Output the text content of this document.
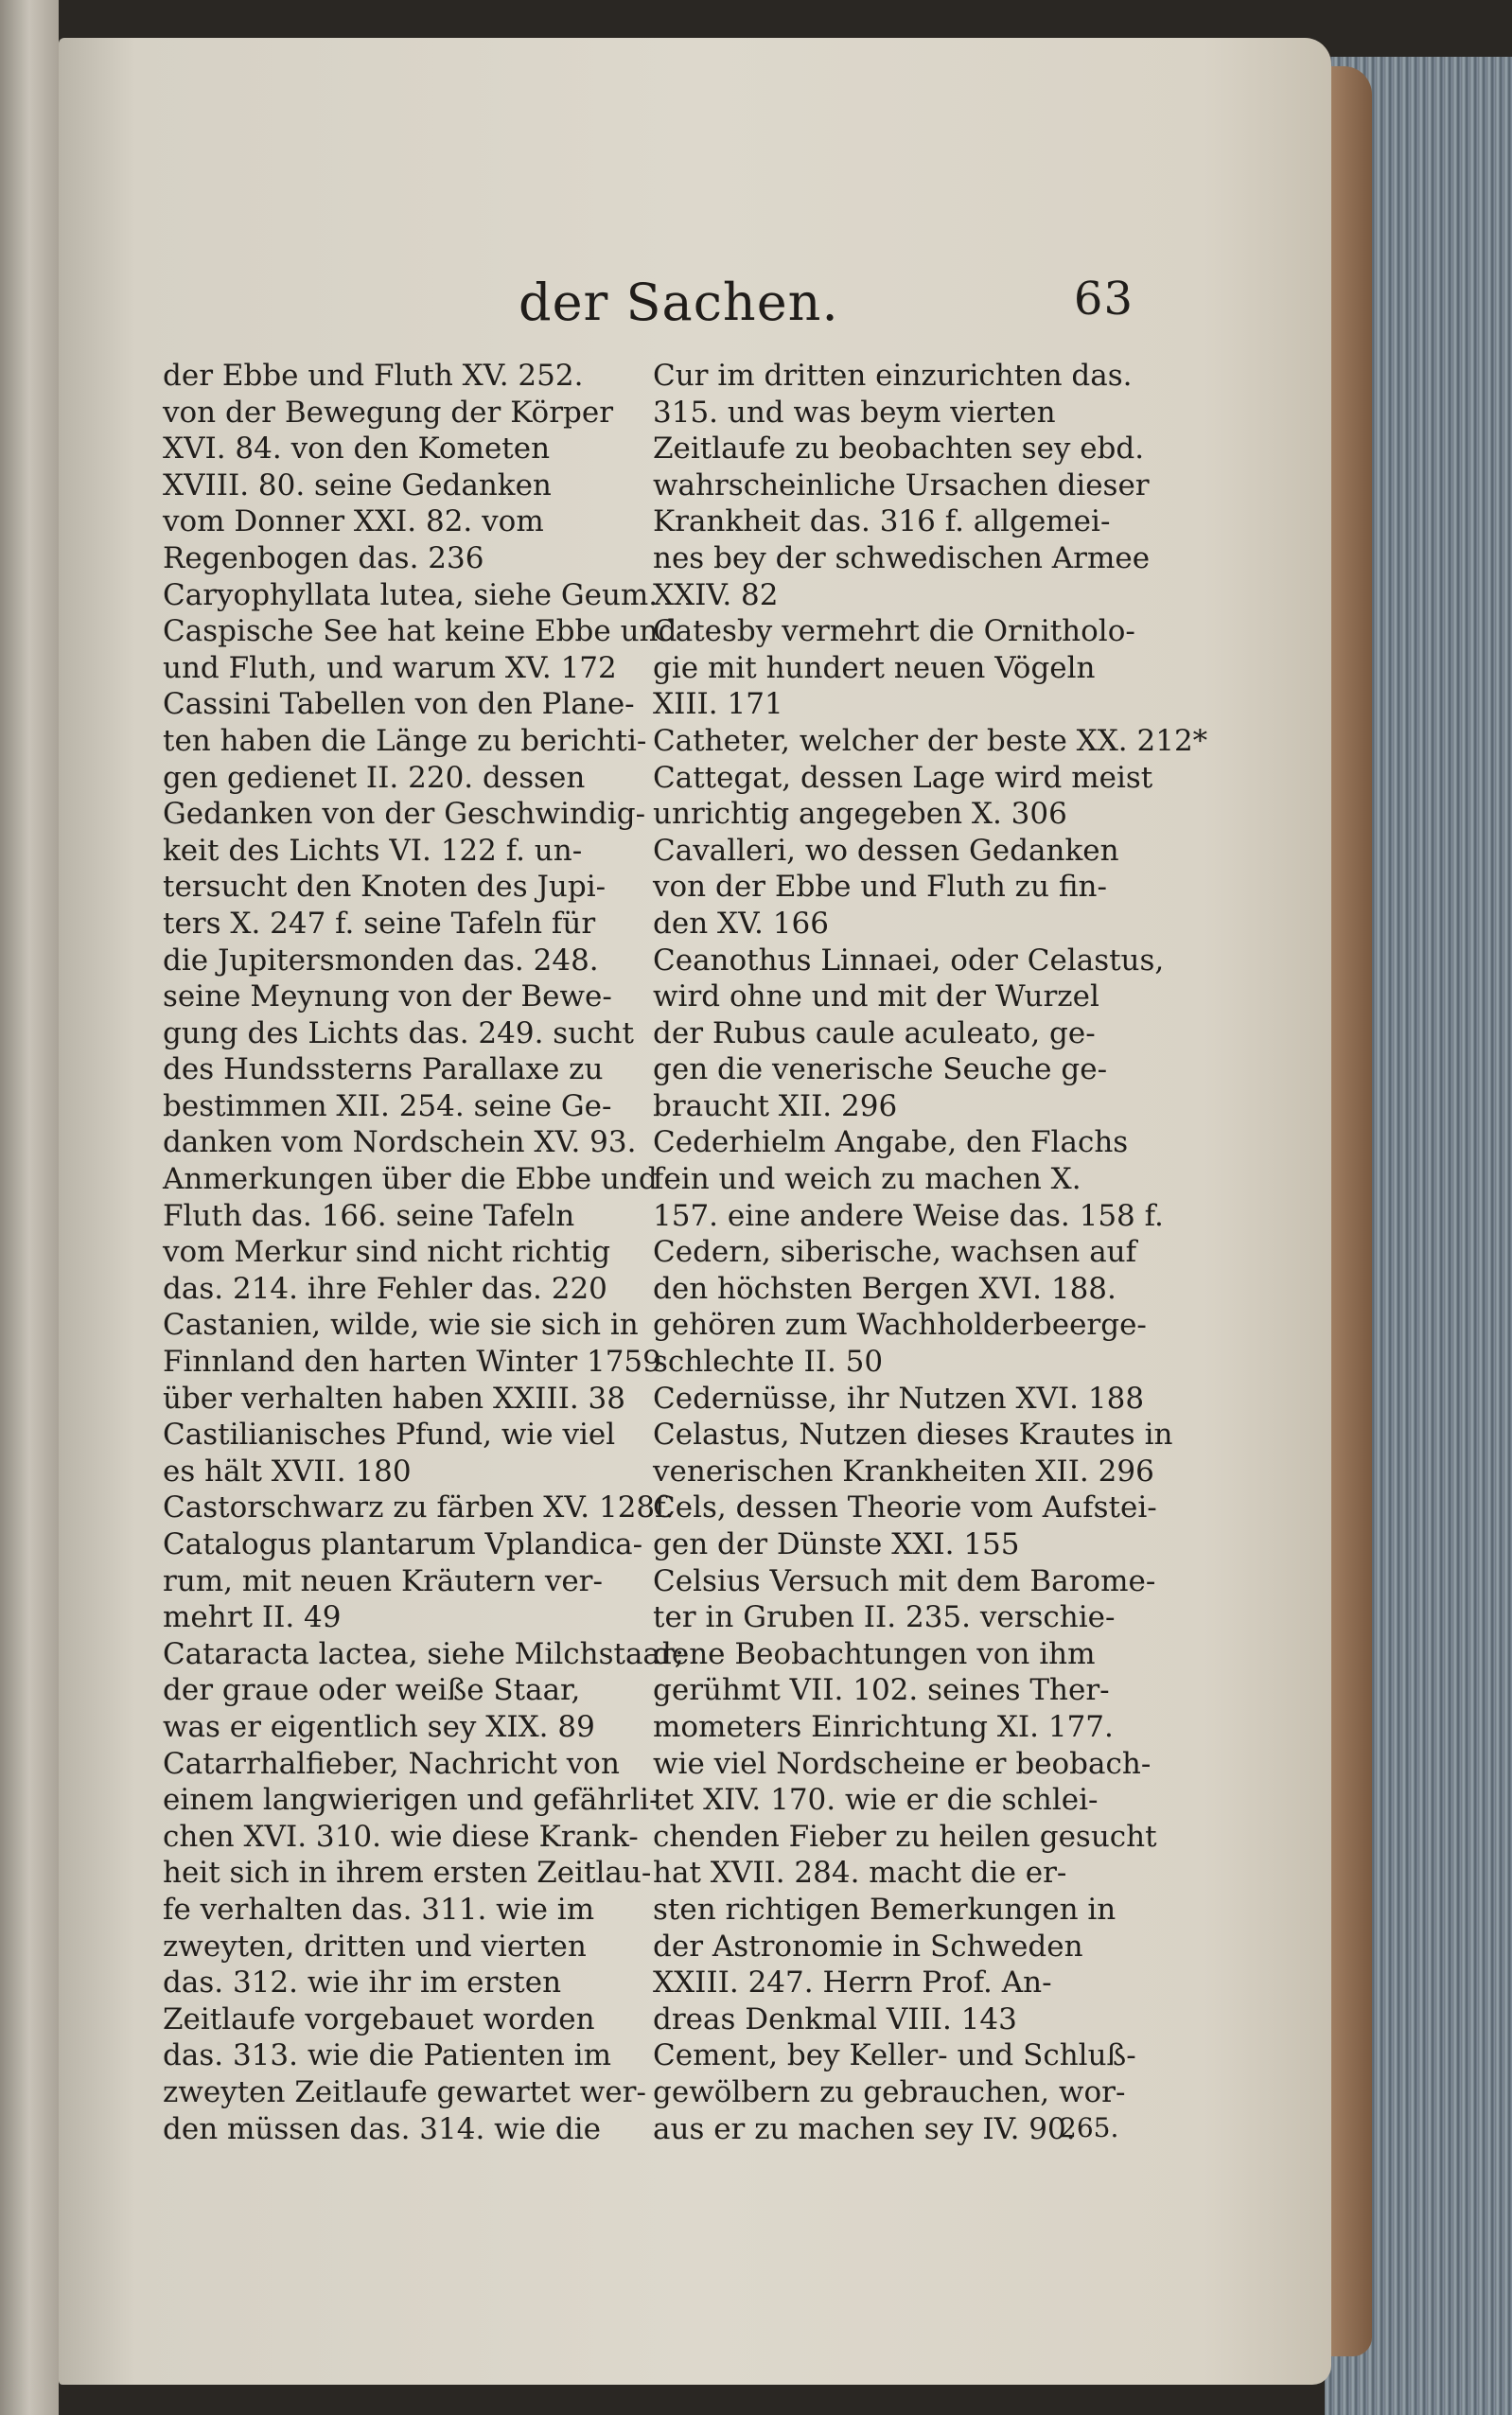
der Sachen.	63
der Ebbe und Fluth XV. 252.
von der Bewegung der Körper
XVI. 84. von den Kometen
XVIII. 80. seine Gedanken
vom Donner XXI. 82. vom
Regenbogen das. 236
Caryophyllata lutea, siehe Geum.
Caspische See hat keine Ebbe und
und Fluth, und warum XV. 172
Cassini Tabellen von den Plane-
ten haben die Länge zu berichti-
gen gedienet II. 220. dessen
Gedanken von der Geschwindig-
keit des Lichts VI. 122 f. un-
tersucht den Knoten des Jupi-
ters X. 247 f. seine Tafeln für
die Jupitersmonden das. 248.
seine Meynung von der Bewe-
gung des Lichts das. 249. sucht
des Hundssterns Parallaxe zu
bestimmen XII. 254. seine Ge-
danken vom Nordschein XV. 93.
Anmerkungen über die Ebbe und
Fluth das. 166. seine Tafeln
vom Merkur sind nicht richtig
das. 214. ihre Fehler das. 220
Castanien, wilde, wie sie sich in
Finnland den harten Winter 1759
über verhalten haben XXIII. 38
Castilianisches Pfund, wie viel
es hält XVII. 180
Castorschwarz zu färben XV. 128f.
Catalogus plantarum Vplandica-
rum, mit neuen Kräutern ver-
mehrt II. 49
Cataracta lactea, siehe Milchstaar;
der graue oder weiße Staar,
was er eigentlich sey XIX. 89
Catarrhalfieber, Nachricht von
einem langwierigen und gefährli-
chen XVI. 310. wie diese Krank-
heit sich in ihrem ersten Zeitlau-
fe verhalten das. 311. wie im
zweyten, dritten und vierten
das. 312. wie ihr im ersten
Zeitlaufe vorgebauet worden
das. 313. wie die Patienten im
zweyten Zeitlaufe gewartet wer-
den müssen das. 314. wie die
Cur im dritten einzurichten das.
315. und was beym vierten
Zeitlaufe zu beobachten sey ebd.
wahrscheinliche Ursachen dieser
Krankheit das. 316 f. allgemei-
nes bey der schwedischen Armee
XXIV. 82
Catesby vermehrt die Ornitholo-
gie mit hundert neuen Vögeln
XIII. 171
Catheter, welcher der beste XX. 212*
Cattegat, dessen Lage wird meist
unrichtig angegeben X. 306
Cavalleri, wo dessen Gedanken
von der Ebbe und Fluth zu fin-
den XV. 166
Ceanothus Linnaei, oder Celastus,
wird ohne und mit der Wurzel
der Rubus caule aculeato, ge-
gen die venerische Seuche ge-
braucht XII. 296
Cederhielm Angabe, den Flachs
fein und weich zu machen X.
157. eine andere Weise das. 158 f.
Cedern, siberische, wachsen auf
den höchsten Bergen XVI. 188.
gehören zum Wachholderbeerge-
schlechte II. 50
Cedernüsse, ihr Nutzen XVI. 188
Celastus, Nutzen dieses Krautes in
venerischen Krankheiten XII. 296
Cels, dessen Theorie vom Aufstei-
gen der Dünste XXI. 155
Celsius Versuch mit dem Barome-
ter in Gruben II. 235. verschie-
dene Beobachtungen von ihm
gerühmt VII. 102. seines Ther-
mometers Einrichtung XI. 177.
wie viel Nordscheine er beobach-
tet XIV. 170. wie er die schlei-
chenden Fieber zu heilen gesucht
hat XVII. 284. macht die er-
sten richtigen Bemerkungen in
der Astronomie in Schweden
XXIII. 247. Herrn Prof. An-
dreas Denkmal VIII. 143
Cement, bey Keller- und Schluß-
gewölbern zu gebrauchen, wor-
aus er zu machen sey IV. 90.
265.
